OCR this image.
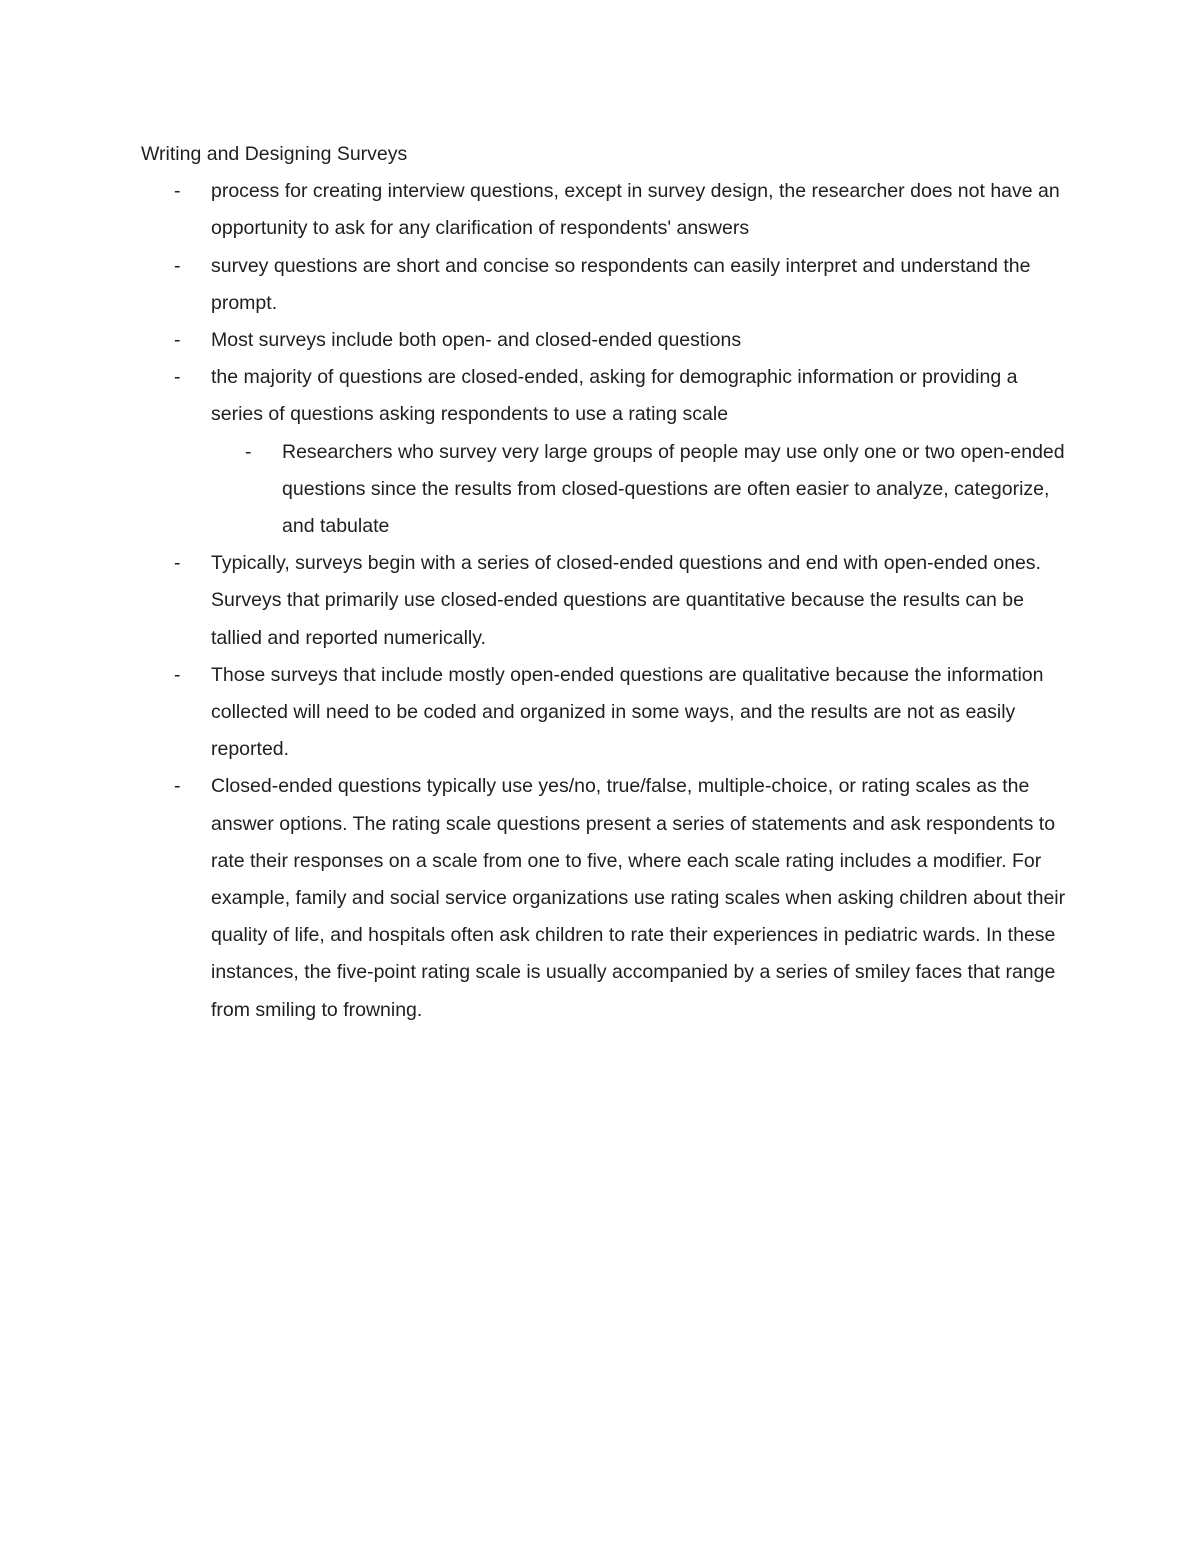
Writing and Designing Surveys
- process for creating interview questions, except in survey design, the researcher does not have an opportunity to ask for any clarification of respondents' answers
- survey questions are short and concise so respondents can easily interpret and understand the prompt.
- Most surveys include both open- and closed-ended questions
- the majority of questions are closed-ended, asking for demographic information or providing a series of questions asking respondents to use a rating scale
- Researchers who survey very large groups of people may use only one or two open-ended questions since the results from closed-questions are often easier to analyze, categorize, and tabulate
- Typically, surveys begin with a series of closed-ended questions and end with open-ended ones. Surveys that primarily use closed-ended questions are quantitative because the results can be tallied and reported numerically.
- Those surveys that include mostly open-ended questions are qualitative because the information collected will need to be coded and organized in some ways, and the results are not as easily reported.
- Closed-ended questions typically use yes/no, true/false, multiple-choice, or rating scales as the answer options. The rating scale questions present a series of statements and ask respondents to rate their responses on a scale from one to five, where each scale rating includes a modifier. For example, family and social service organizations use rating scales when asking children about their quality of life, and hospitals often ask children to rate their experiences in pediatric wards. In these instances, the five-point rating scale is usually accompanied by a series of smiley faces that range from smiling to frowning.
